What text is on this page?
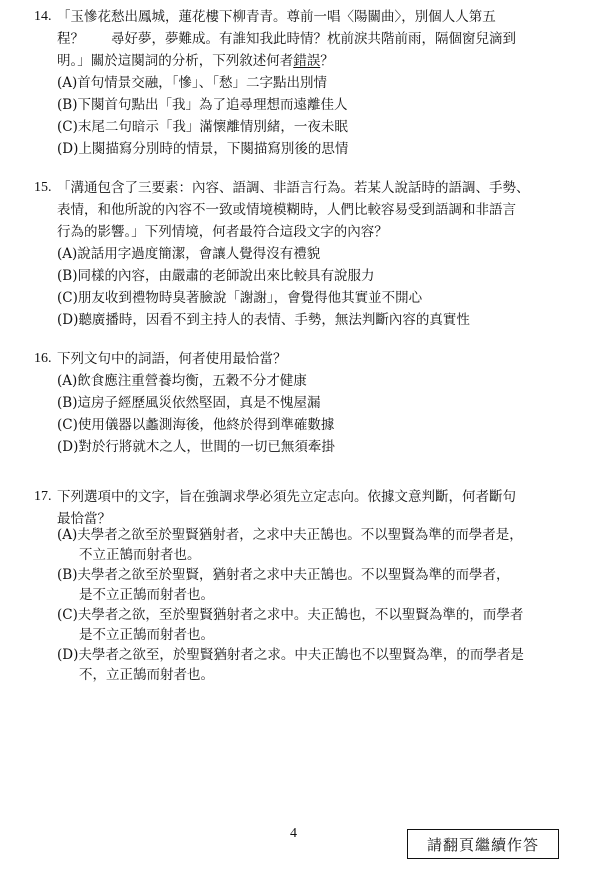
14. 「玉慘花愁出鳳城，蓮花樓下柳青青。尊前一唱〈陽關曲〉，別個人人第五
程？　　尋好夢，夢難成。有誰知我此時情？枕前淚共階前雨，隔個窗兒滴到
明。」關於這闋詞的分析，下列敘述何者錯誤？
(A)首句情景交融，「慘」、「愁」二字點出別情
(B)下闋首句點出「我」為了追尋理想而遠離佳人
(C)末尾二句暗示「我」滿懷離情別緒，一夜未眠
(D)上闋描寫分別時的情景，下闋描寫別後的思情
15. 「溝通包含了三要素：內容、語調、非語言行為。若某人說話時的語調、手勢、
表情，和他所說的內容不一致或情境模糊時，人們比較容易受到語調和非語言
行為的影響。」下列情境，何者最符合這段文字的內容？
(A)說話用字過度簡潔，會讓人覺得沒有禮貌
(B)同樣的內容，由嚴肅的老師說出來比較具有說服力
(C)朋友收到禮物時臭著臉說「謝謝」，會覺得他其實並不開心
(D)聽廣播時，因看不到主持人的表情、手勢，無法判斷內容的真實性
16. 下列文句中的詞語，何者使用最恰當？
(A)飲食應注重營養均衡，五穀不分才健康
(B)這房子經歷風災依然堅固，真是不愧屋漏
(C)使用儀器以蠡測海後，他終於得到準確數據
(D)對於行將就木之人，世間的一切已無須牽掛
17. 下列選項中的文字，旨在強調求學必須先立定志向。依據文意判斷，何者斷句
最恰當？
(A)夫學者之欲至於聖賢猶射者，之求中夫正鵠也。不以聖賢為準的而學者是，
不立正鵠而射者也。
(B)夫學者之欲至於聖賢，猶射者之求中夫正鵠也。不以聖賢為準的而學者，
是不立正鵠而射者也。
(C)夫學者之欲，至於聖賢猶射者之求中。夫正鵠也，不以聖賢為準的，而學者
是不立正鵠而射者也。
(D)夫學者之欲至，於聖賢猶射者之求。中夫正鵠也不以聖賢為準，的而學者是
不，立正鵠而射者也。
4
請翻頁繼續作答
